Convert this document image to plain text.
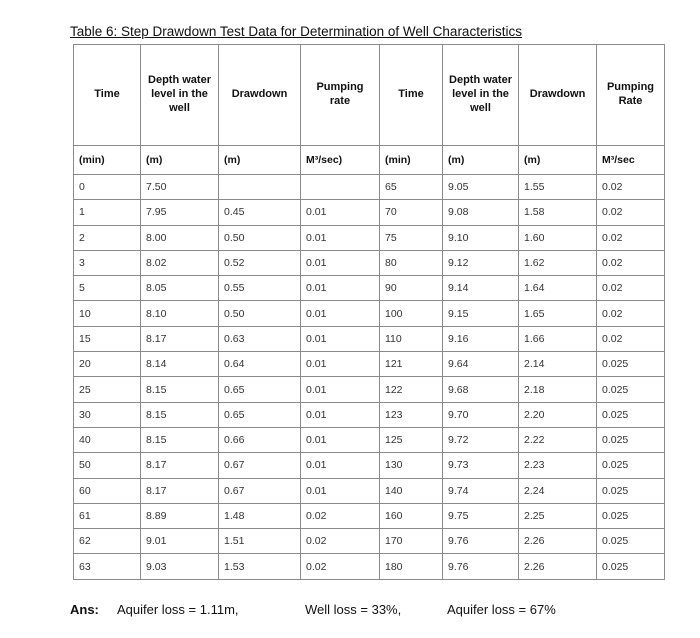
Table 6: Step Drawdown Test Data for Determination of Well Characteristics
Time	Depth water level in the well	Drawdown	Pumping rate	Time	Depth water level in the well	Drawdown	Pumping Rate
(min)	(m)	(m)	M³/sec)	(min)	(m)	(m)	M³/sec
0	7.50			65	9.05	1.55	0.02
1	7.95	0.45	0.01	70	9.08	1.58	0.02
2	8.00	0.50	0.01	75	9.10	1.60	0.02
3	8.02	0.52	0.01	80	9.12	1.62	0.02
5	8.05	0.55	0.01	90	9.14	1.64	0.02
10	8.10	0.50	0.01	100	9.15	1.65	0.02
15	8.17	0.63	0.01	110	9.16	1.66	0.02
20	8.14	0.64	0.01	121	9.64	2.14	0.025
25	8.15	0.65	0.01	122	9.68	2.18	0.025
30	8.15	0.65	0.01	123	9.70	2.20	0.025
40	8.15	0.66	0.01	125	9.72	2.22	0.025
50	8.17	0.67	0.01	130	9.73	2.23	0.025
60	8.17	0.67	0.01	140	9.74	2.24	0.025
61	8.89	1.48	0.02	160	9.75	2.25	0.025
62	9.01	1.51	0.02	170	9.76	2.26	0.025
63	9.03	1.53	0.02	180	9.76	2.26	0.025
Ans: Aquifer loss = 1.11m,	Well loss = 33%,	Aquifer loss = 67%
